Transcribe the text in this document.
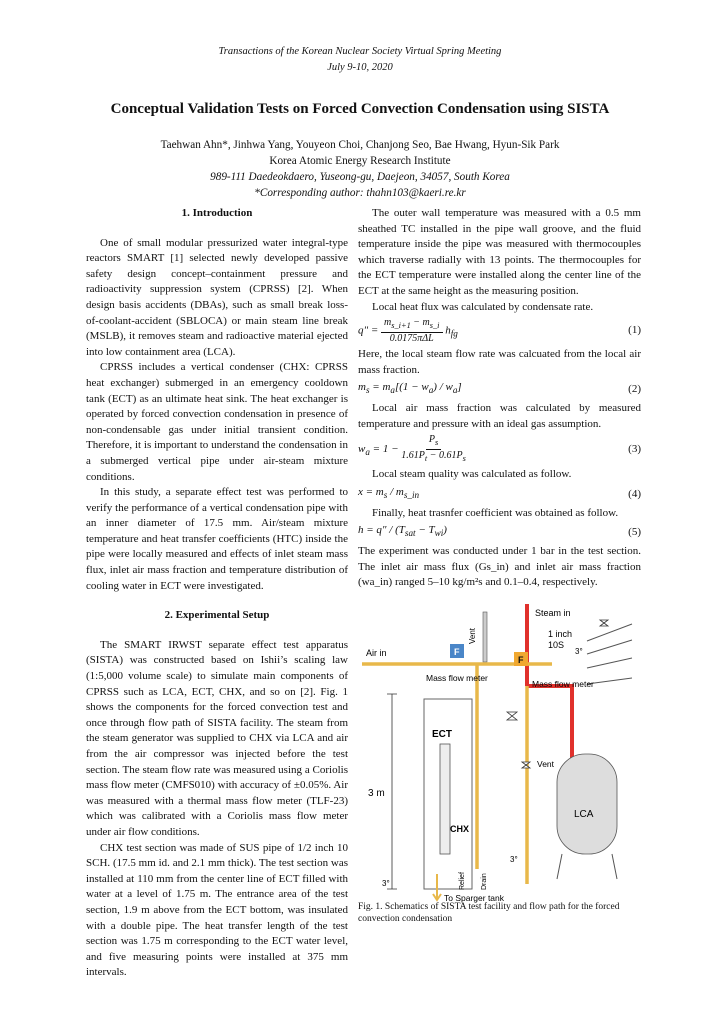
Transactions of the Korean Nuclear Society Virtual Spring Meeting
July 9-10, 2020
Conceptual Validation Tests on Forced Convection Condensation using SISTA
Taehwan Ahn*, Jinhwa Yang, Youyeon Choi, Chanjong Seo, Bae Hwang, Hyun-Sik Park
Korea Atomic Energy Research Institute
989-111 Daedeokdaero, Yuseong-gu, Daejeon, 34057, South Korea
*Corresponding author: thahn103@kaeri.re.kr
1. Introduction

One of small modular pressurized water integral-type reactors SMART [1] selected newly developed passive safety design concept–containment pressure and radioactivity suppression system (CPRSS) [2]. When design basis accidents (DBAs), such as small break loss-of-coolant-accident (SBLOCA) or main steam line break (MSLB), it removes steam and radioactive material ejected into low containment area (LCA).

CPRSS includes a vertical condenser (CHX: CPRSS heat exchanger) submerged in an emergency cooldown tank (ECT) as an ultimate heat sink. The heat exchanger is operated by forced convection condensation in presence of non-condensable gas under initial transient condition. Therefore, it is important to understand the condensation in a submerged vertical pipe under air-steam mixture conditions.

In this study, a separate effect test was performed to verify the performance of a vertical condensation pipe with an inner diameter of 17.5 mm. Air/steam mixture temperature and heat transfer coefficients (HTC) inside the pipe were locally measured and effects of inlet steam mass flux, inlet air mass fraction and temperature distribution of cooling water in ECT were investigated.

2. Experimental Setup

The SMART IRWST separate effect test apparatus (SISTA) was constructed based on Ishii’s scaling law (1:5,000 volume scale) to simulate main components of CPRSS such as LCA, ECT, CHX, and so on [2]. Fig. 1 shows the components for the forced convection test and once through flow path of SISTA facility. The steam from the steam generator was supplied to CHX via LCA and air from the air compressor was injected before the test section. The steam flow rate was measured using a Coriolis mass flow meter (CMFS010) with accuracy of ±0.05%. Air was measured with a thermal mass flow meter (TLF-23) which was calibrated with a Coriolis mass flow meter under air flow conditions.

CHX test section was made of SUS pipe of 1/2 inch 10 SCH. (17.5 mm id. and 2.1 mm thick). The test section was installed at 110 mm from the center line of ECT filled with water at a level of 1.75 m. The entrance area of the test section, 1.9 m above from the ECT bottom, was insulated with a double pipe. The heat transfer length of the test section was 1.75 m corresponding to the ECT water level, and five measuring points were installed at 375 mm intervals.

The outer wall temperature was measured with a 0.5 mm sheathed TC installed in the pipe wall groove, and the fluid temperature inside the pipe was measured with thermocouples which traverse radially with 13 points. The thermocouples for the ECT temperature were installed along the center line of the ECT at the same height as the measuring position.

Local heat flux was calculated by condensate rate.

q" = $\frac{m_{s\_i+1} - m_{s\_i}}{\text{0.0175πΔL}} h_{fg}$	(1)

Here, the local steam flow rate was calcuated from the local air mass fraction.

$m_s = m_a[(1 - w_a) / w_a]$	(2)

Local air mass fraction was calculated by measured temperature and pressure with an ideal gas assumption.

$w_a = 1 - \frac{P_s}{1.61P_t - 0.61P_s}$	(3)

Local steam quality was calculated as follow.

$x = m_s / m_{s\_in}$	(4)

Finally, heat trasnfer coefficient was obtained as follow.

h = q" / $(T_{sat} - T_{wi})$	(5)

The experiment was conducted under 1 bar in the test section. The inlet air mass flux (Gs_in) and inlet air mass fraction (wa_in) ranged 5–10 kg/m²s and 0.1–0.4, respectively.

Vent
Steam in
1 inch
10S
3°
Air in	F
F
Mass flow meter
Mass flow meter
ECT
CHX
3 m
Vent
LCA
Relief Drain
3°
3°
To Sparger tank
Fig. 1. Schematics of SISTA test facility and flow path for the forced convection condensation
